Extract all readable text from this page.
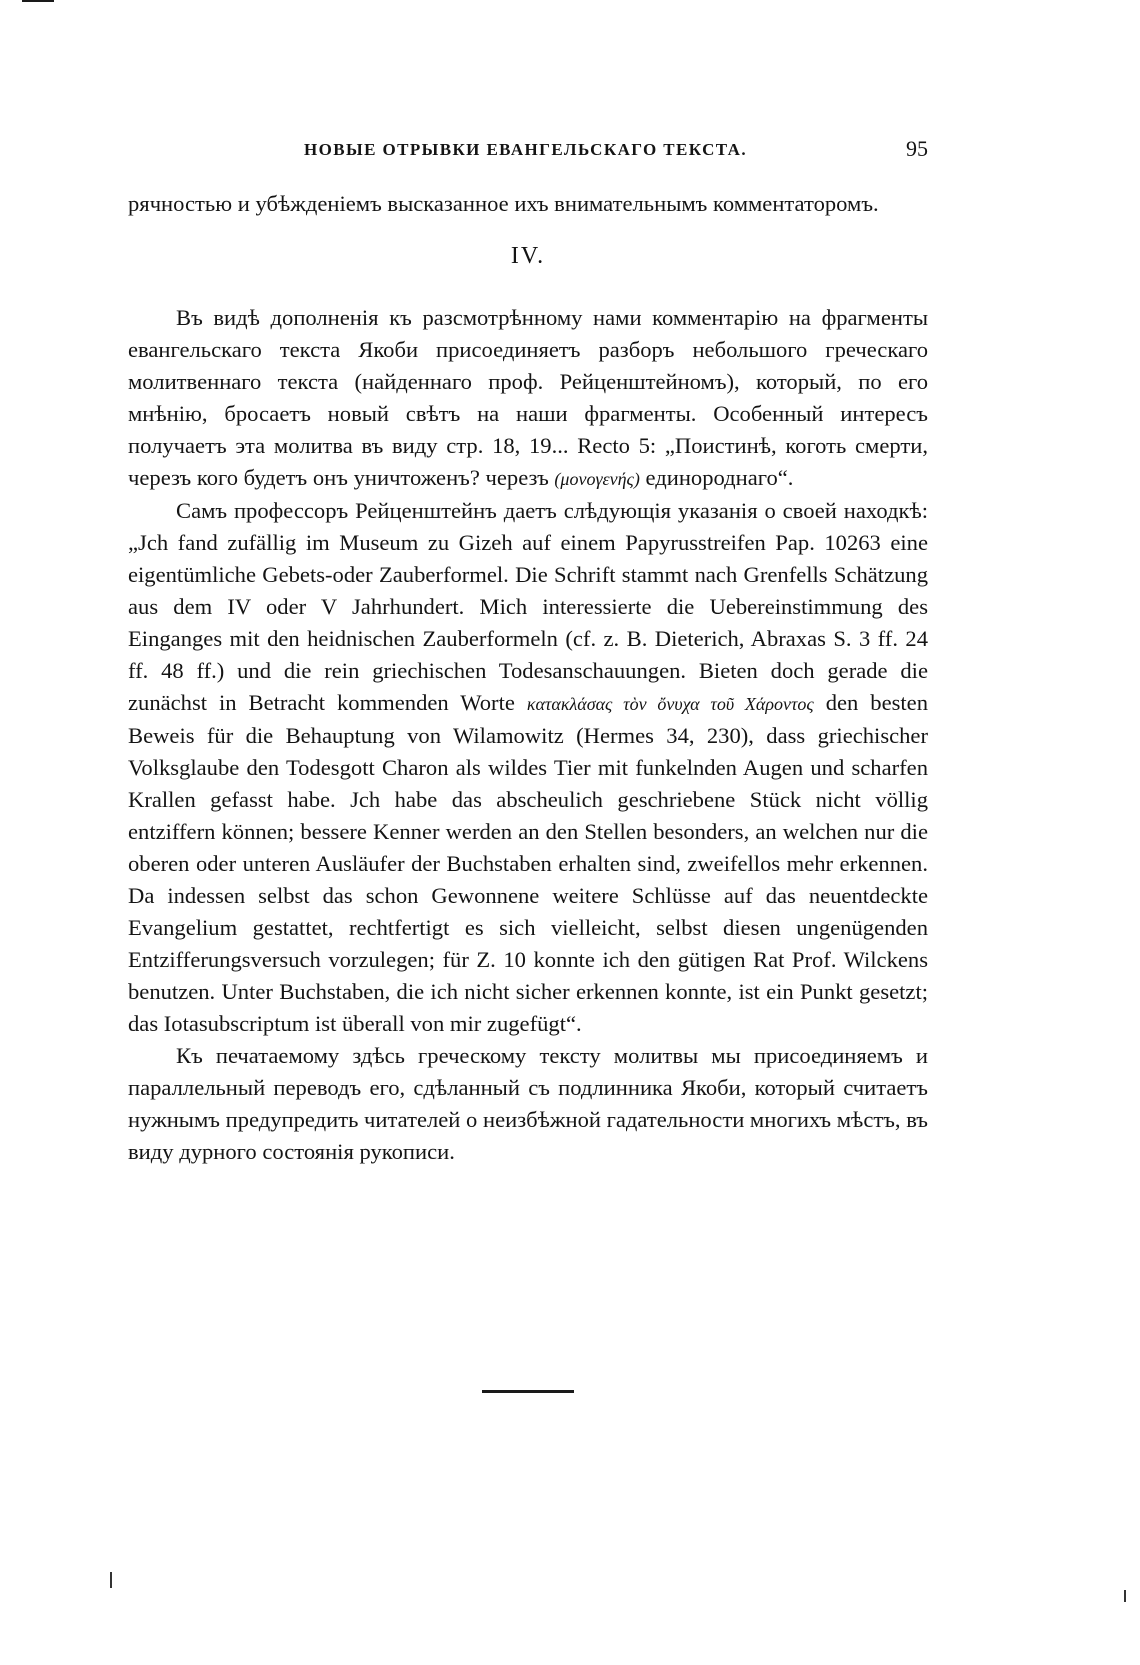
НОВЫЕ ОТРЫВКИ ЕВАНГЕЛЬСКАГО ТЕКСТА.	95

рячностью и убѣжденіемъ высказанное ихъ внимательнымъ комментаторомъ.

IV.

Въ видѣ дополненія къ разсмотрѣнному нами комментарію на фрагменты евангельскаго текста Якоби присоединяетъ разборъ небольшого греческаго молитвеннаго текста (найденнаго проф. Рейценштейномъ), который, по его мнѣнію, бросаетъ новый свѣтъ на наши фрагменты. Особенный интересъ получаетъ эта молитва въ виду стр. 18, 19... Recto 5: „Поистинѣ, коготь смерти, черезъ кого будетъ онъ уничтоженъ? черезъ (μονογενής) единороднаго“.

Самъ профессоръ Рейценштейнъ даетъ слѣдующія указанія о своей находкѣ: „Jch fand zufällig im Museum zu Gizeh auf einem Papyrusstreifen Pap. 10263 eine eigentümliche Gebets-oder Zauberformel. Die Schrift stammt nach Grenfells Schätzung aus dem IV oder V Jahrhundert. Mich interessierte die Uebereinstimmung des Einganges mit den heidnischen Zauberformeln (cf. z. B. Dieterich, Abraxas S. 3 ff. 24 ff. 48 ff.) und die rein griechischen Todesanschauungen. Bieten doch gerade die zunächst in Betracht kommenden Worte κατακλάσας τὸν ὄνυχα τοῦ Χάροντος den besten Beweis für die Behauptung von Wilamowitz (Hermes 34, 230), dass griechischer Volksglaube den Todesgott Charon als wildes Tier mit funkelnden Augen und scharfen Krallen gefasst habe. Jch habe das abscheulich geschriebene Stück nicht völlig entziffern können; bessere Kenner werden an den Stellen besonders, an welchen nur die oberen oder unteren Ausläufer der Buchstaben erhalten sind, zweifellos mehr erkennen. Da indessen selbst das schon Gewonnene weitere Schlüsse auf das neuentdeckte Evangelium gestattet, rechtfertigt es sich vielleicht, selbst diesen ungenügenden Entzifferungsversuch vorzulegen; für Z. 10 konnte ich den gütigen Rat Prof. Wilckens benutzen. Unter Buchstaben, die ich nicht sicher erkennen konnte, ist ein Punkt gesetzt; das Iotasubscriptum ist überall von mir zugefügt“.

Къ печатаемому здѣсь греческому тексту молитвы мы присоединяемъ и параллельный переводъ его, сдѣланный съ подлинника Якоби, который считаетъ нужнымъ предупредить читателей о неизбѣжной гадательности многихъ мѣстъ, въ виду дурного состоянія рукописи.
